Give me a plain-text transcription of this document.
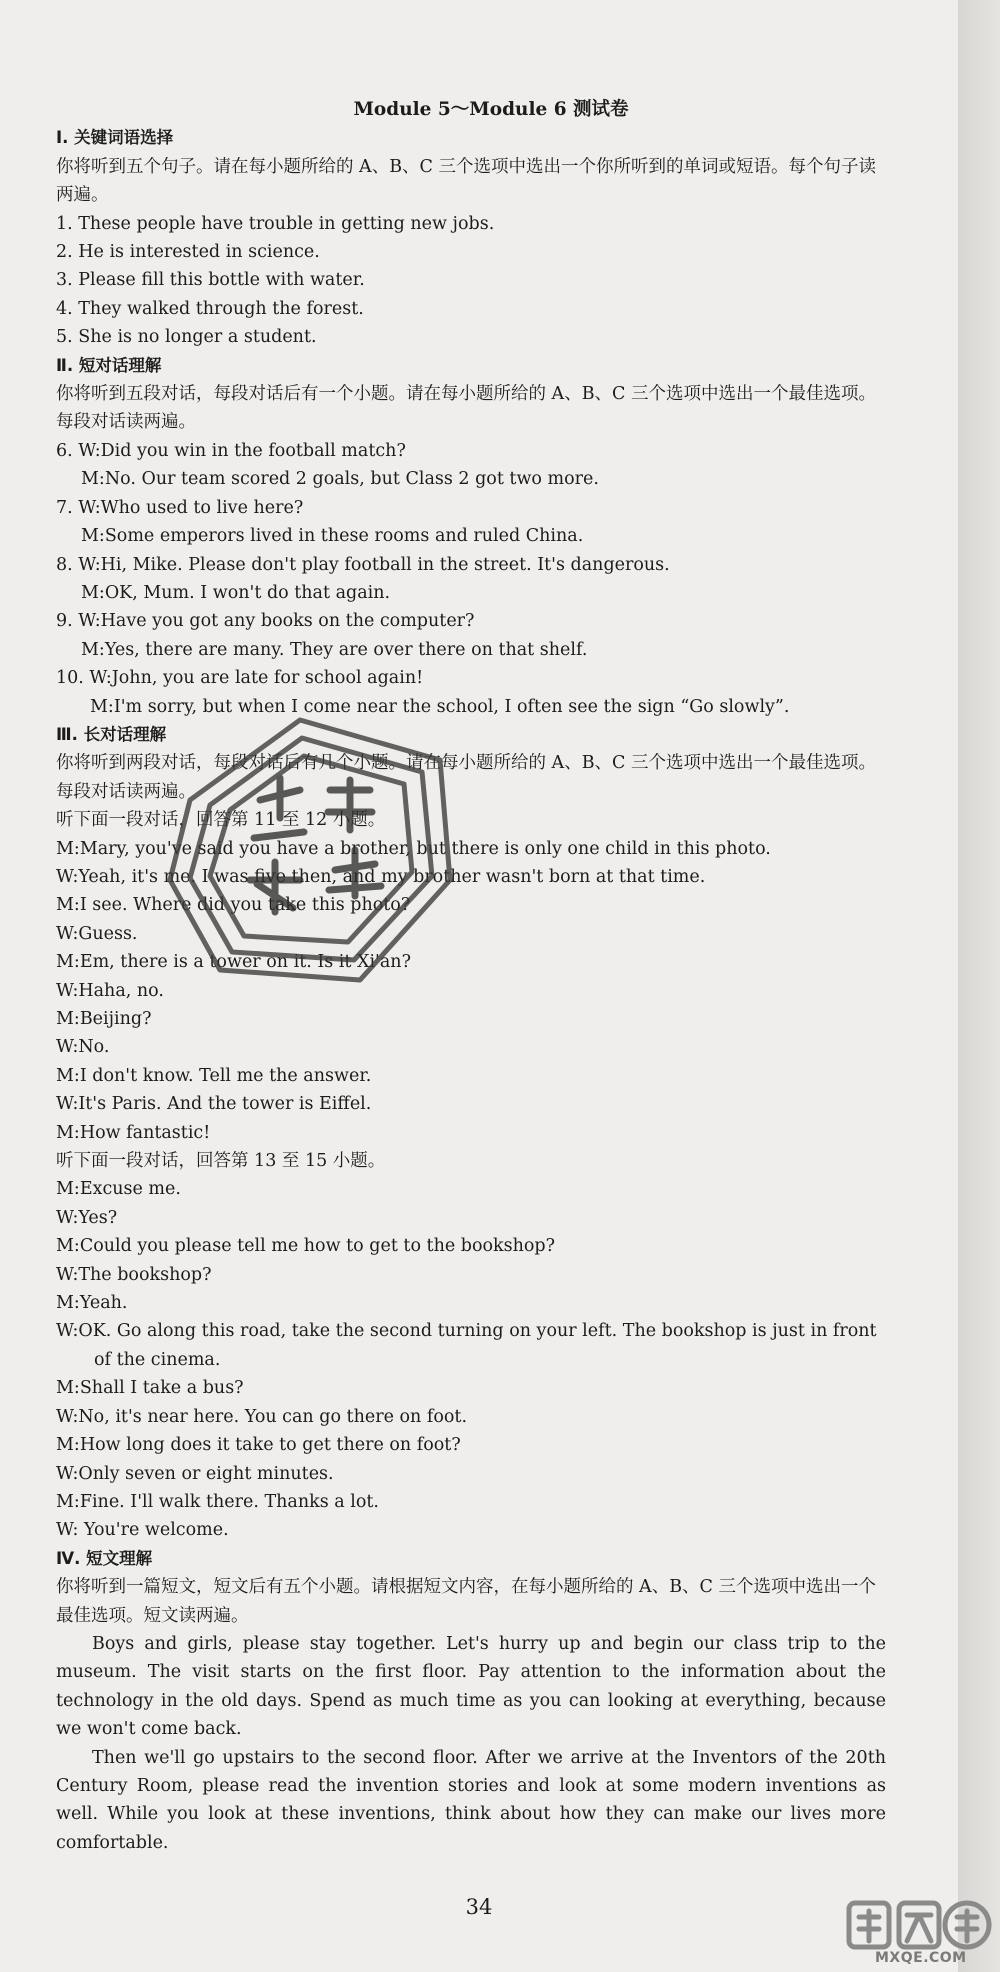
Module 5～Module 6 测试卷
Ⅰ. 关键词语选择
你将听到五个句子。请在每小题所给的 A、B、C 三个选项中选出一个你所听到的单词或短语。每个句子读两遍。
1. These people have trouble in getting new jobs.
2. He is interested in science.
3. Please fill this bottle with water.
4. They walked through the forest.
5. She is no longer a student.
Ⅱ. 短对话理解
你将听到五段对话，每段对话后有一个小题。请在每小题所给的 A、B、C 三个选项中选出一个最佳选项。每段对话读两遍。
6. W:Did you win in the football match?
M:No. Our team scored 2 goals, but Class 2 got two more.
7. W:Who used to live here?
M:Some emperors lived in these rooms and ruled China.
8. W:Hi, Mike. Please don't play football in the street. It's dangerous.
M:OK, Mum. I won't do that again.
9. W:Have you got any books on the computer?
M:Yes, there are many. They are over there on that shelf.
10. W:John, you are late for school again!
M:I'm sorry, but when I come near the school, I often see the sign “Go slowly”.
Ⅲ. 长对话理解
你将听到两段对话，每段对话后有几个小题。请在每小题所给的 A、B、C 三个选项中选出一个最佳选项。每段对话读两遍。
听下面一段对话，回答第 11 至 12 小题。
M:Mary, you've said you have a brother, but there is only one child in this photo.
W:Yeah, it's me. I was five then, and my brother wasn't born at that time.
M:I see. Where did you take this photo?
W:Guess.
M:Em, there is a tower on it. Is it Xi'an?
W:Haha, no.
M:Beijing?
W:No.
M:I don't know. Tell me the answer.
W:It's Paris. And the tower is Eiffel.
M:How fantastic!
听下面一段对话，回答第 13 至 15 小题。
M:Excuse me.
W:Yes?
M:Could you please tell me how to get to the bookshop?
W:The bookshop?
M:Yeah.
W:OK. Go along this road, take the second turning on your left. The bookshop is just in front of the cinema.
M:Shall I take a bus?
W:No, it's near here. You can go there on foot.
M:How long does it take to get there on foot?
W:Only seven or eight minutes.
M:Fine. I'll walk there. Thanks a lot.
W: You're welcome.
Ⅳ. 短文理解
你将听到一篇短文，短文后有五个小题。请根据短文内容，在每小题所给的 A、B、C 三个选项中选出一个最佳选项。短文读两遍。
Boys and girls, please stay together. Let's hurry up and begin our class trip to the museum. The visit starts on the first floor. Pay attention to the information about the technology in the old days. Spend as much time as you can looking at everything, because we won't come back.
Then we'll go upstairs to the second floor. After we arrive at the Inventors of the 20th Century Room, please read the invention stories and look at some modern inventions as well. While you look at these inventions, think about how they can make our lives more comfortable.
34
MXQE.COM
